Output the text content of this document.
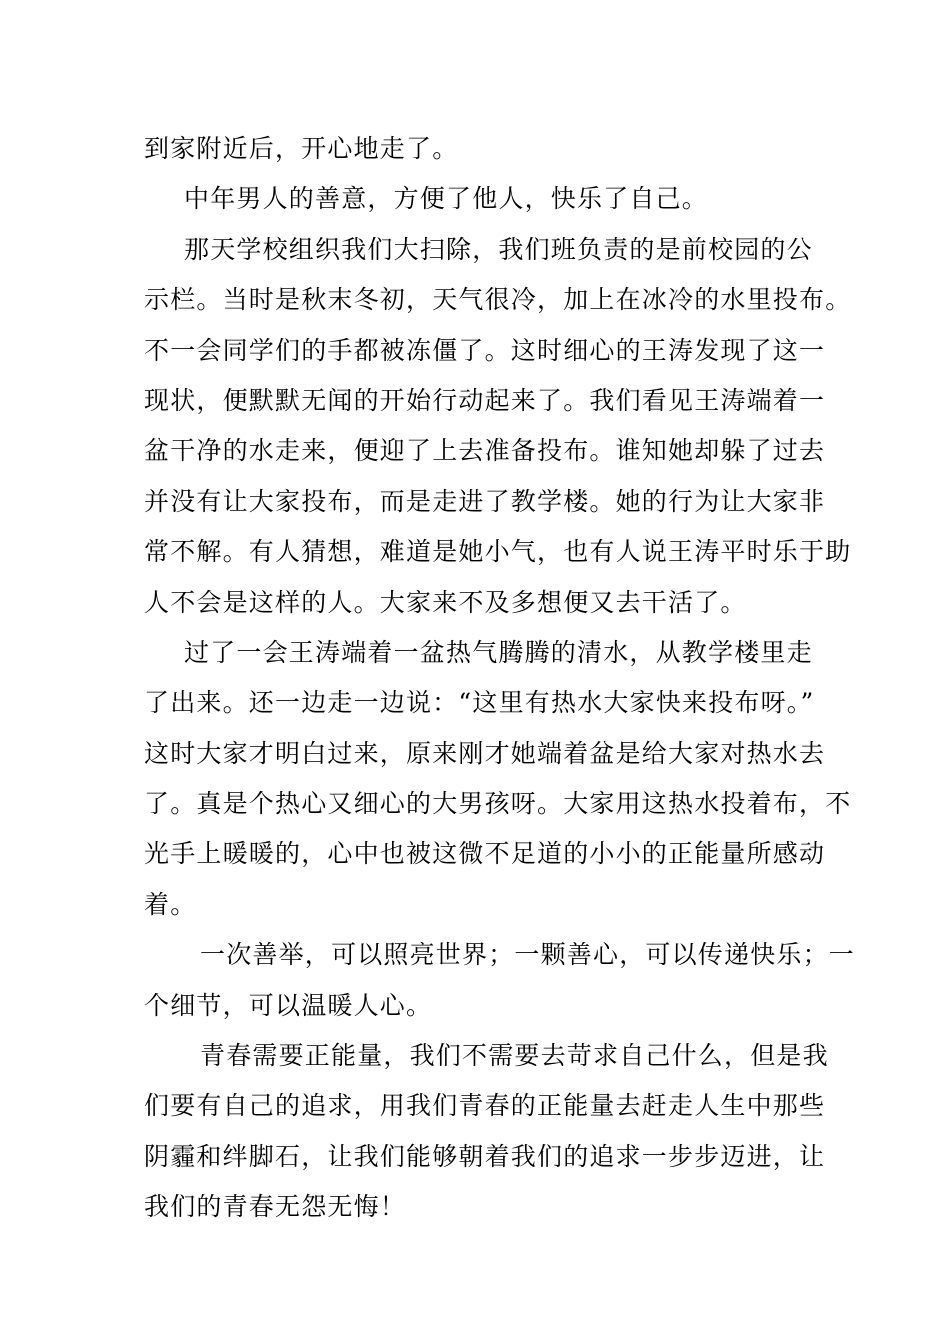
到家附近后，开心地走了。
中年男人的善意，方便了他人，快乐了自己。
那天学校组织我们大扫除，我们班负责的是前校园的公
示栏。当时是秋末冬初，天气很冷，加上在冰冷的水里投布。
不一会同学们的手都被冻僵了。这时细心的王涛发现了这一
现状，便默默无闻的开始行动起来了。我们看见王涛端着一
盆干净的水走来，便迎了上去准备投布。谁知她却躲了过去
并没有让大家投布，而是走进了教学楼。她的行为让大家非
常不解。有人猜想，难道是她小气，也有人说王涛平时乐于助
人不会是这样的人。大家来不及多想便又去干活了。
过了一会王涛端着一盆热气腾腾的清水，从教学楼里走
了出来。还一边走一边说：“这里有热水大家快来投布呀。”
这时大家才明白过来，原来刚才她端着盆是给大家对热水去
了。真是个热心又细心的大男孩呀。大家用这热水投着布，不
光手上暖暖的，心中也被这微不足道的小小的正能量所感动
着。
一次善举，可以照亮世界；一颗善心，可以传递快乐；一
个细节，可以温暖人心。
青春需要正能量，我们不需要去苛求自己什么，但是我
们要有自己的追求，用我们青春的正能量去赶走人生中那些
阴霾和绊脚石，让我们能够朝着我们的追求一步步迈进，让
我们的青春无怨无悔！
